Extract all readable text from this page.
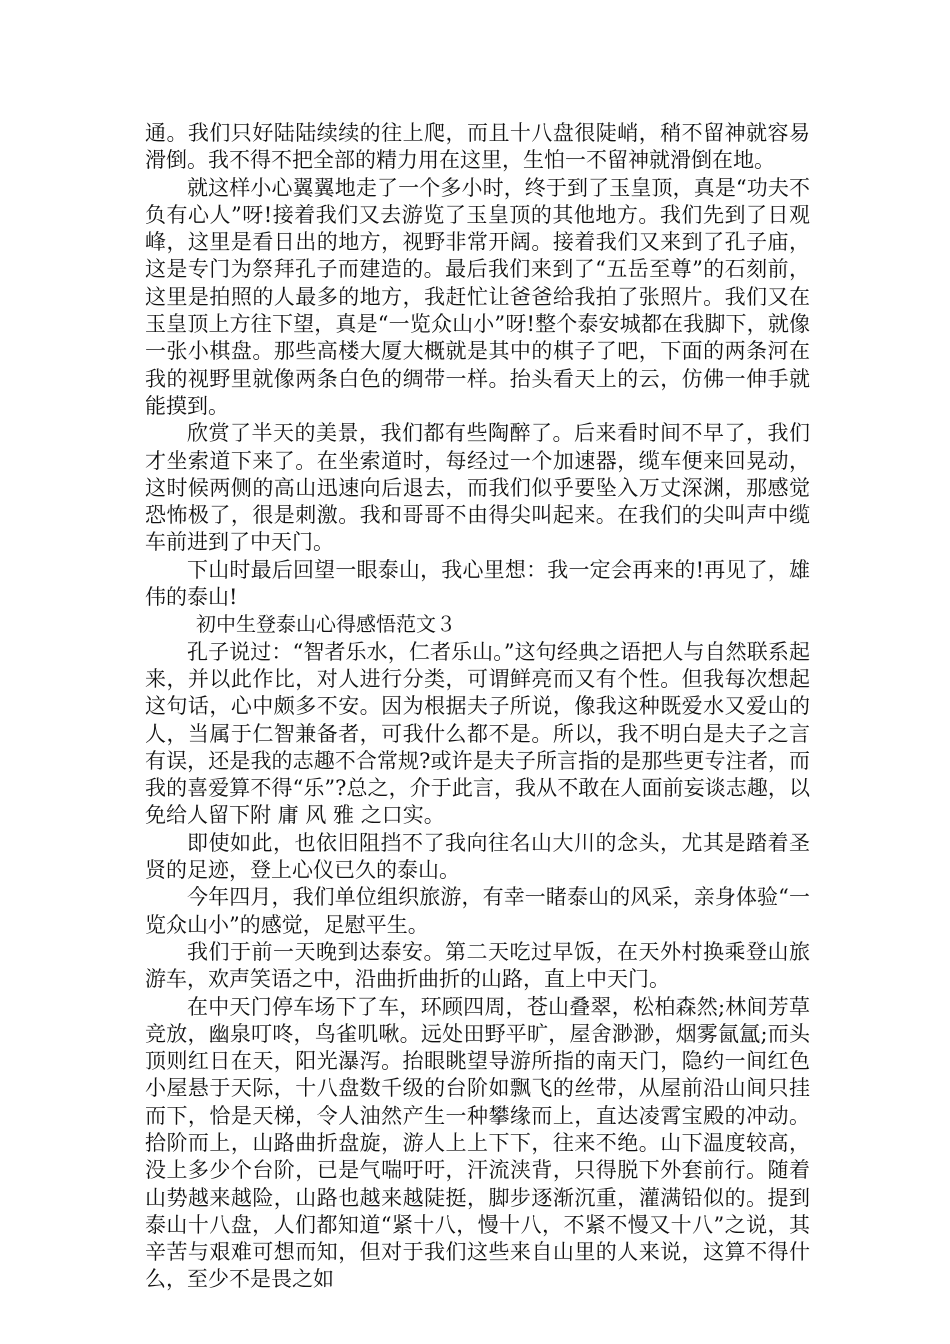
通。我们只好陆陆续续的往上爬，而且十八盘很陡峭，稍不留神就容易滑倒。我不得不把全部的精力用在这里，生怕一不留神就滑倒在地。

就这样小心翼翼地走了一个多小时，终于到了玉皇顶，真是“功夫不负有心人”呀!接着我们又去游览了玉皇顶的其他地方。我们先到了日观峰，这里是看日出的地方，视野非常开阔。接着我们又来到了孔子庙，这是专门为祭拜孔子而建造的。最后我们来到了“五岳至尊”的石刻前，这里是拍照的人最多的地方，我赶忙让爸爸给我拍了张照片。我们又在玉皇顶上方往下望，真是“一览众山小”呀!整个泰安城都在我脚下，就像一张小棋盘。那些高楼大厦大概就是其中的棋子了吧，下面的两条河在我的视野里就像两条白色的绸带一样。抬头看天上的云，仿佛一伸手就能摸到。

欣赏了半天的美景，我们都有些陶醉了。后来看时间不早了，我们才坐索道下来了。在坐索道时，每经过一个加速器，缆车便来回晃动，这时候两侧的高山迅速向后退去，而我们似乎要坠入万丈深渊，那感觉恐怖极了，很是刺激。我和哥哥不由得尖叫起来。在我们的尖叫声中缆车前进到了中天门。

下山时最后回望一眼泰山，我心里想：我一定会再来的!再见了，雄伟的泰山!

初中生登泰山心得感悟范文３

孔子说过：“智者乐水，仁者乐山。”这句经典之语把人与自然联系起来，并以此作比，对人进行分类，可谓鲜亮而又有个性。但我每次想起这句话，心中颇多不安。因为根据夫子所说，像我这种既爱水又爱山的人，当属于仁智兼备者，可我什么都不是。所以，我不明白是夫子之言有误，还是我的志趣不合常规?或许是夫子所言指的是那些更专注者，而我的喜爱算不得“乐”?总之，介于此言，我从不敢在人面前妄谈志趣，以免给人留下附 庸 风 雅 之口实。

即使如此，也依旧阻挡不了我向往名山大川的念头，尤其是踏着圣贤的足迹，登上心仪已久的泰山。

今年四月，我们单位组织旅游，有幸一睹泰山的风采，亲身体验“一览众山小”的感觉，足慰平生。

我们于前一天晚到达泰安。第二天吃过早饭，在天外村换乘登山旅游车，欢声笑语之中，沿曲折曲折的山路，直上中天门。

在中天门停车场下了车，环顾四周，苍山叠翠，松柏森然;林间芳草竞放，幽泉叮咚，鸟雀叽啾。远处田野平旷，屋舍渺渺，烟雾氤氲;而头顶则红日在天，阳光瀑泻。抬眼眺望导游所指的南天门，隐约一间红色小屋悬于天际，十八盘数千级的台阶如飘飞的丝带，从屋前沿山间只挂而下，恰是天梯，令人油然产生一种攀缘而上，直达凌霄宝殿的冲动。拾阶而上，山路曲折盘旋，游人上上下下，往来不绝。山下温度较高，没上多少个台阶，已是气喘吁吁，汗流浃背，只得脱下外套前行。随着山势越来越险，山路也越来越陡挺，脚步逐渐沉重，灌满铅似的。提到泰山十八盘，人们都知道“紧十八，慢十八，不紧不慢又十八”之说，其辛苦与艰难可想而知，但对于我们这些来自山里的人来说，这算不得什么，至少不是畏之如
